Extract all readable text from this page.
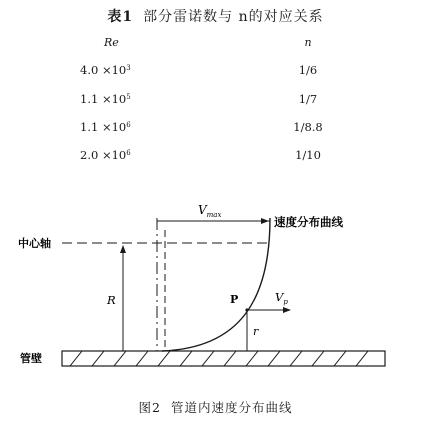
表1 部分雷诺数与 n的对应关系
Re	n
$4.0 \times 10^3$	1/6
$1.1 \times 10^5$	1/7
$1.1 \times 10^6$	1/8.8
$2.0 \times 10^6$	1/10
$V_{max}$	速度分布曲线
中心轴
R	P	$V_p$
r
管壁
图2 管道内速度分布曲线
